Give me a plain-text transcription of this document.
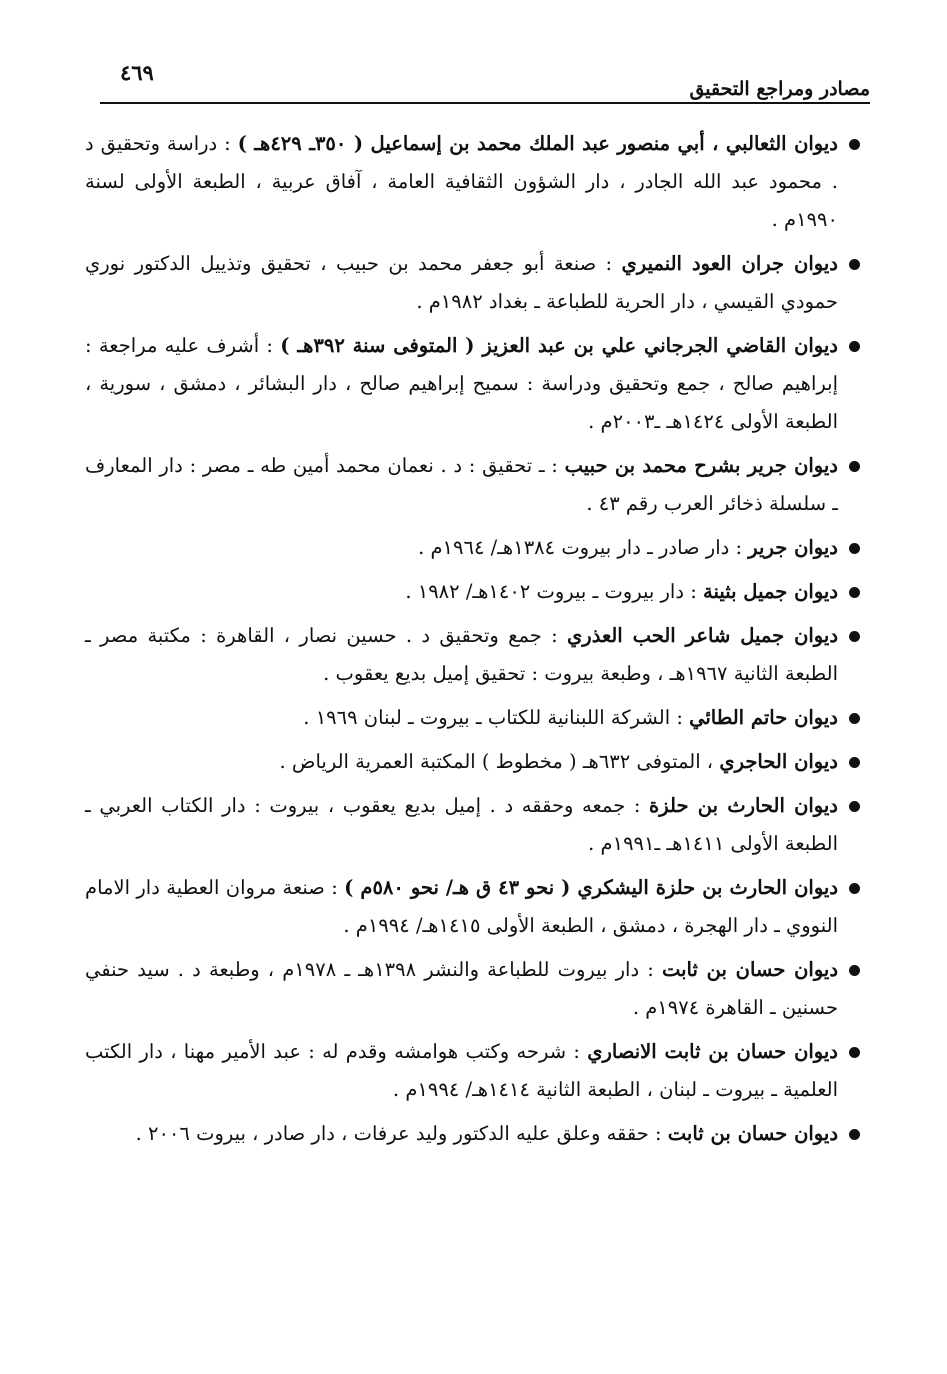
مصادر ومراجع التحقيق
٤٦٩
ديوان الثعالبي ، أبي منصور عبد الملك محمد بن إسماعيل ( ٣٥٠ـ ٤٢٩هـ ) : دراسة وتحقيق د . محمود عبد الله الجادر ، دار الشؤون الثقافية العامة ، آفاق عربية ، الطبعة الأولى لسنة ١٩٩٠م .
ديوان جران العود النميري : صنعة أبو جعفر محمد بن حبيب ، تحقيق وتذييل الدكتور نوري حمودي القيسي ، دار الحرية للطباعة ـ بغداد ١٩٨٢م .
ديوان القاضي الجرجاني علي بن عبد العزيز ( المتوفى سنة ٣٩٢هـ ) : أشرف عليه مراجعة : إبراهيم صالح ، جمع وتحقيق ودراسة : سميح إبراهيم صالح ، دار البشائر ، دمشق ، سورية ، الطبعة الأولى ١٤٢٤هـ ـ٢٠٠٣م .
ديوان جرير بشرح محمد بن حبيب : ـ تحقيق : د . نعمان محمد أمين طه ـ مصر : دار المعارف ـ سلسلة ذخائر العرب رقم ٤٣ .
ديوان جرير : دار صادر ـ دار بيروت ١٣٨٤هـ/ ١٩٦٤م .
ديوان جميل بثينة : دار بيروت ـ بيروت ١٤٠٢هـ/ ١٩٨٢ .
ديوان جميل شاعر الحب العذري : جمع وتحقيق د . حسين نصار ، القاهرة : مكتبة مصر ـ الطبعة الثانية ١٩٦٧هـ ، وطبعة بيروت : تحقيق إميل بديع يعقوب .
ديوان حاتم الطائي : الشركة اللبنانية للكتاب ـ بيروت ـ لبنان ١٩٦٩ .
ديوان الحاجري ، المتوفى ٦٣٢هـ ( مخطوط ) المكتبة العمرية الرياض .
ديوان الحارث بن حلزة : جمعه وحققه د . إميل بديع يعقوب ، بيروت : دار الكتاب العربي ـ الطبعة الأولى ١٤١١هـ ـ١٩٩١م .
ديوان الحارث بن حلزة اليشكري ( نحو ٤٣ ق هـ/ نحو ٥٨٠م ) : صنعة مروان العطية دار الامام النووي ـ دار الهجرة ، دمشق ، الطبعة الأولى ١٤١٥هـ/ ١٩٩٤م .
ديوان حسان بن ثابت : دار بيروت للطباعة والنشر ١٣٩٨هـ ـ ١٩٧٨م ، وطبعة د . سيد حنفي حسنين ـ القاهرة ١٩٧٤م .
ديوان حسان بن ثابت الانصاري : شرحه وكتب هوامشه وقدم له : عبد الأمير مهنا ، دار الكتب العلمية ـ بيروت ـ لبنان ، الطبعة الثانية ١٤١٤هـ/ ١٩٩٤م .
ديوان حسان بن ثابت : حققه وعلق عليه الدكتور وليد عرفات ، دار صادر ، بيروت ٢٠٠٦ .
